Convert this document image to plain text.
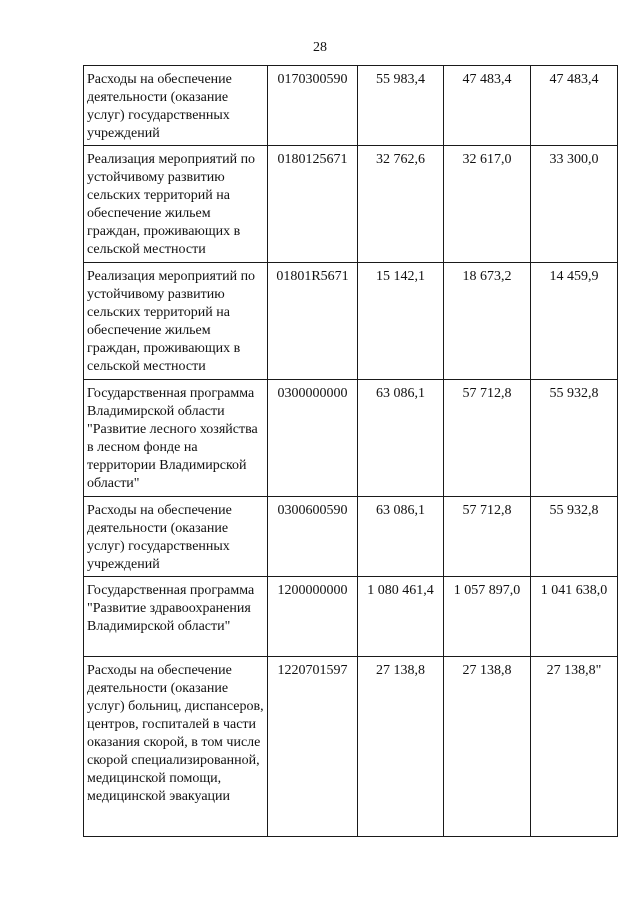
28
Расходы на обеспечение деятельности (оказание услуг) государственных учреждений	0170300590	55 983,4	47 483,4	47 483,4

Реализация мероприятий по устойчивому развитию сельских территорий на обеспечение жильем граждан, проживающих в сельской местности	0180125671	32 762,6	32 617,0	33 300,0

Реализация мероприятий по устойчивому развитию сельских территорий на обеспечение жильем граждан, проживающих в сельской местности	01801R5671	15 142,1	18 673,2	14 459,9

Государственная программа Владимирской области "Развитие лесного хозяйства в лесном фонде на территории Владимирской области"	0300000000	63 086,1	57 712,8	55 932,8

Расходы на обеспечение деятельности (оказание услуг) государственных учреждений	0300600590	63 086,1	57 712,8	55 932,8

Государственная программа "Развитие здравоохранения Владимирской области"	1200000000	1 080 461,4	1 057 897,0	1 041 638,0

Расходы на обеспечение деятельности (оказание услуг) больниц, диспансеров, центров, госпиталей в части оказания скорой, в том числе скорой специализированной, медицинской помощи, медицинской эвакуации	1220701597	27 138,8	27 138,8	27 138,8"
